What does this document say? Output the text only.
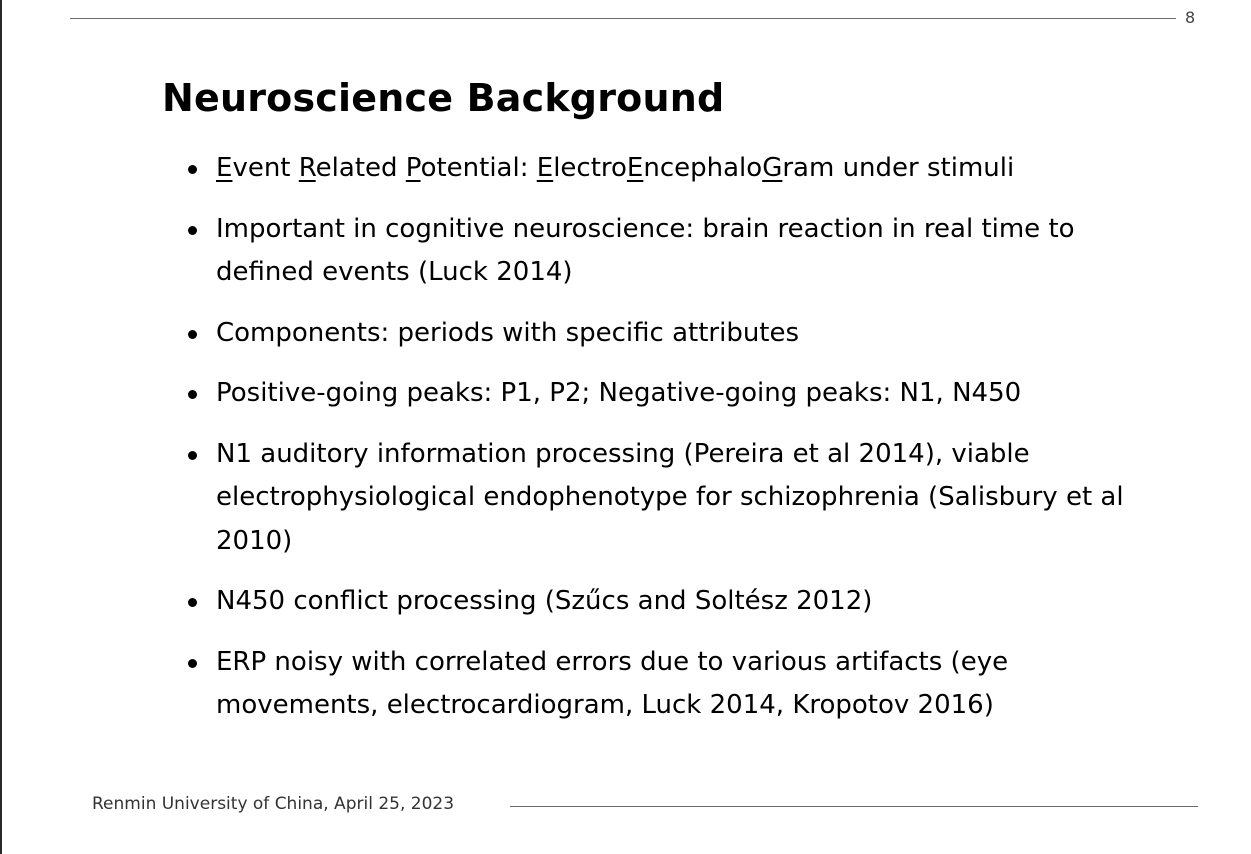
8
Neuroscience Background
Event Related Potential: ElectroEncephaloGram under stimuli
Important in cognitive neuroscience: brain reaction in real time to defined events (Luck 2014)
Components: periods with specific attributes
Positive-going peaks: P1, P2; Negative-going peaks: N1, N450
N1 auditory information processing (Pereira et al 2014), viable electrophysiological endophenotype for schizophrenia (Salisbury et al 2010)
N450 conflict processing (Szűcs and Soltész 2012)
ERP noisy with correlated errors due to various artifacts (eye movements, electrocardiogram, Luck 2014, Kropotov 2016)
Renmin University of China, April 25, 2023
